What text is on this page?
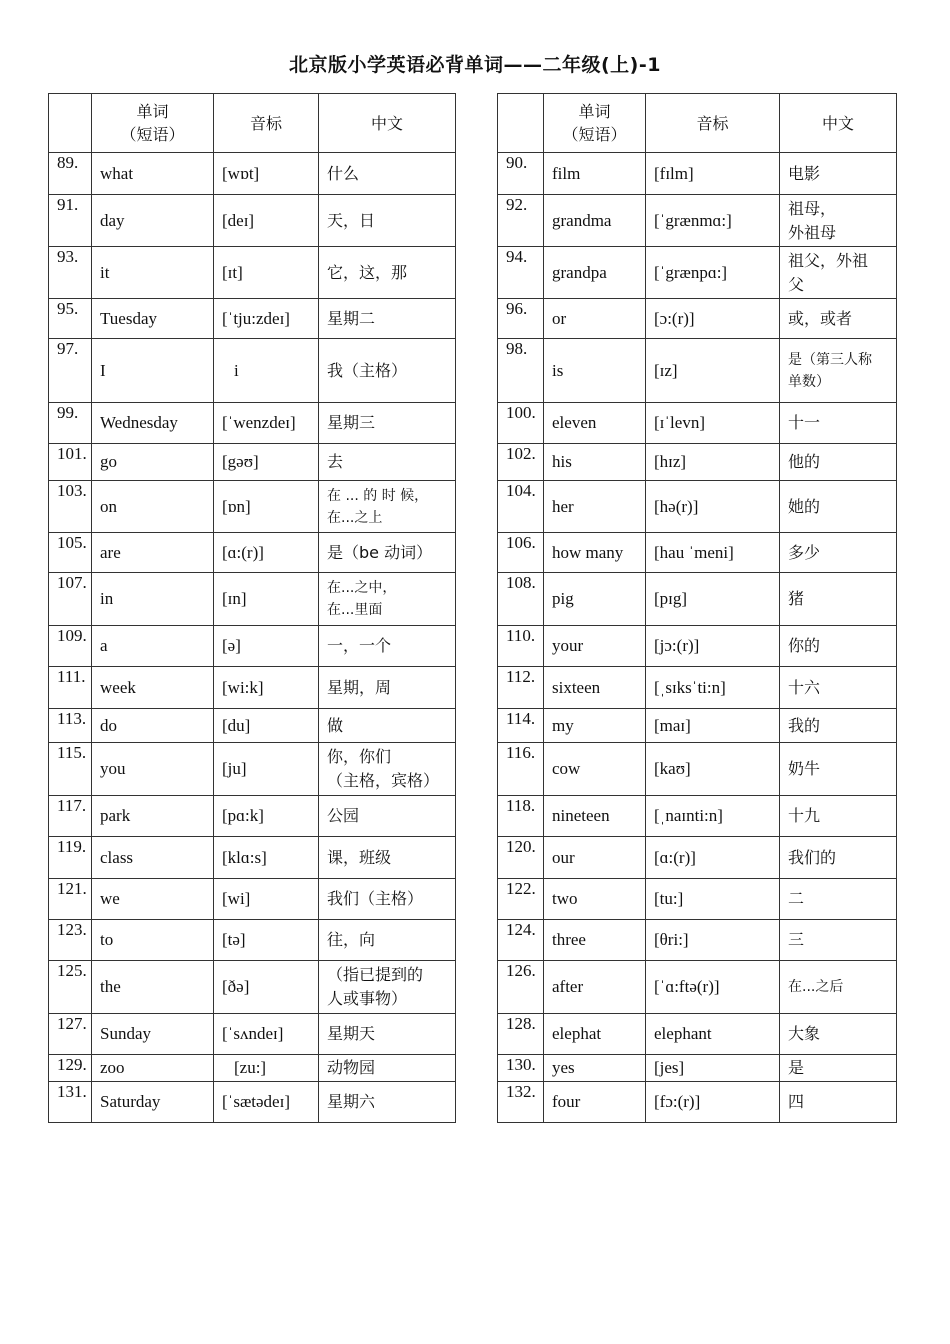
北京版小学英语必背单词——二年级(上)-1
	单词
（短语）	音标	中文
89.	what	[wɒt]	什么
91.	day	[deɪ]	天，日
93.	it	[ɪt]	它，这，那
95.	Tuesday	[ˈtju:zdeɪ]	星期二
97.	I	i	我（主格）
99.	Wednesday	[ˈwenzdeɪ]	星期三
101.	go	[gəʊ]	去
103.	on	[ɒn]	在 ... 的 时 候，
在...之上
105.	are	[ɑ:(r)]	是（be 动词）
107.	in	[ɪn]	在...之中，
在...里面
109.	a	[ə]	一，一个
111.	week	[wi:k]	星期，周
113.	do	[du]	做
115.	you	[ju]	你，你们
（主格，宾格）
117.	park	[pɑ:k]	公园
119.	class	[klɑ:s]	课，班级
121.	we	[wi]	我们（主格）
123.	to	[tə]	往，向
125.	the	[ðə]	（指已提到的
人或事物）
127.	Sunday	[ˈsʌndeɪ]	星期天
129.	zoo	[zu:]	动物园
131.	Saturday	[ˈsætədeɪ]	星期六
	单词
（短语）	音标	中文
90.	film	[fɪlm]	电影
92.	grandma	[ˈgrænmɑ:]	祖母，
外祖母
94.	grandpa	[ˈgrænpɑ:]	祖父，外祖
父
96.	or	[ɔ:(r)]	或，或者
98.	is	[ɪz]	是（第三人称
单数）
100.	eleven	[ɪˈlevn]	十一
102.	his	[hɪz]	他的
104.	her	[hə(r)]	她的
106.	how many	[hau ˈmeni]	多少
108.	pig	[pɪg]	猪
110.	your	[jɔ:(r)]	你的
112.	sixteen	[ˌsɪksˈti:n]	十六
114.	my	[maɪ]	我的
116.	cow	[kaʊ]	奶牛
118.	nineteen	[ˌnaɪnti:n]	十九
120.	our	[ɑ:(r)]	我们的
122.	two	[tu:]	二
124.	three	[θri:]	三
126.	after	[ˈɑ:ftə(r)]	在...之后
128.	elephat	elephant	大象
130.	yes	[jes]	是
132.	four	[fɔ:(r)]	四
